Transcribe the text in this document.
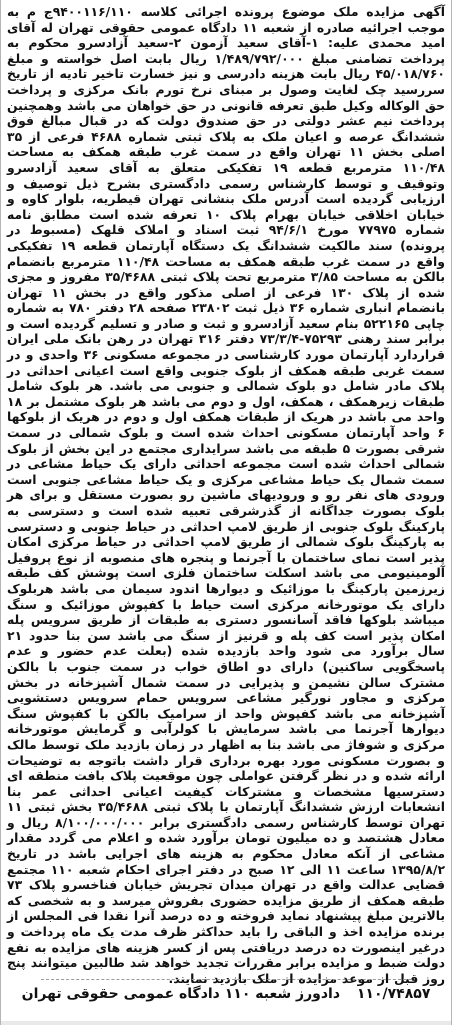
آگهی مزایده ملک موضوع پرونده اجرائی کلاسه ۹۴۰۰۱۱۶/۱۱۰ج م به موجب اجرائیه صادره از شعبه ۱۱ دادگاه عمومی حقوقی تهران له آقای امید محمدی علیه: ۱-آقای سعید آزمون ۲-سعید آزادسرو محکوم به پرداخت تضامنی مبلغ ۱/۴۸۹/۷۹۲/۰۰۰ ریال بابت اصل خواسته و مبلغ ۴۵/۰۱۸/۷۶۰ ریال بابت هزینه دادرسی و نیز خسارت تاخیر تادیه از تاریخ سررسید چک لغایت وصول بر مبنای نرخ تورم بانک مرکزی و پرداخت حق الوکاله وکیل طبق تعرفه قانونی در حق خواهان می باشد وهمچنین پرداخت نیم عشر دولتی در حق صندوق دولت که در قبال مبالغ فوق ششدانگ عرصه و اعیان ملک به پلاک ثبتی شماره ۴۶۸۸ فرعی از ۳۵ اصلی بخش ۱۱ تهران واقع در سمت غرب طبقه همکف به مساحت ۱۱۰/۴۸ مترمربع قطعه ۱۹ تفکیکی متعلق به آقای سعید آزادسرو وتوقیف و توسط کارشناس رسمی دادگستری بشرح ذیل توصیف و ارزیابی گردیده است آدرس ملک بنشانی تهران قیطریه، بلوار کاوه و خیابان اخلاقی خیابان بهرام پلاک ۱۰ تعرفه شده است مطابق نامه شماره ۷۷۹۷۵ مورخ ۹۴/۶/۱ ثبت اسناد و املاک قلهک (مسبوط در پرونده) سند مالکیت ششدانگ یک دستگاه آپارتمان قطعه ۱۹ تفکیکی واقع در سمت غرب طبقه همکف به مساحت ۱۱۰/۴۸ مترمربع بانضمام بالکن به مساحت ۳/۸۵ مترمربع تحت پلاک ثبتی ۳۵/۴۶۸۸ مفروز و مجزی شده از پلاک ۱۳۰ فرعی از اصلی مذکور واقع در بخش ۱۱ تهران بانضمام انباری شماره ۳۶ ذیل ثبت ۲۳۸۰۲ صفحه ۲۸ دفتر ۷۸۰ به شماره چاپی ۵۲۲۱۶۵ بنام سعید آزادسرو و ثبت و صادر و تسلیم گردیده است و برابر سند رهنی ۷۵۲۹۳-۷۳/۳/۴ دفتر ۳۱۶ تهران در رهن بانک ملی ایران قراردارد آپارتمان مورد کارشناسی در مجموعه مسکونی ۳۶ واحدی و در سمت غربی طبقه همکف از بلوک جنوبی واقع است اعیانی احداثی در پلاک مادر شامل دو بلوک شمالی و جنوبی می باشد. هر بلوک شامل طبقات زیرهمکف ، همکف، اول و دوم می باشد هر بلوک مشتمل بر ۱۸ واحد می باشد در هریک از طبقات همکف اول و دوم در هریک از بلوکها ۶ واحد آپارتمان مسکونی احداث شده است و بلوک شمالی در سمت شرقی بصورت ۵ طبقه می باشد سرایداری مجتمع در این بخش از بلوک شمالی احداث شده است مجموعه احداثی دارای یک حیاط مشاعی در سمت شمال یک حیاط مشاعی مرکزی و یک حیاط مشاعی جنوبی است ورودی های نفر رو و ورودیهای ماشین رو بصورت مستقل و برای هر بلوک بصورت جداگانه از گذرشرقی تعبیه شده است و دسترسی به پارکینگ بلوک جنوبی از طریق لامپ احداثی در حیاط جنوبی و دسترسی به پارکینگ بلوک شمالی از طریق لامپ احداثی در حیاط مرکزی امکان پذیر است نمای ساختمان با آجرنما و پنجره های منصوبه از نوع پروفیل آلومینیومی می باشد اسکلت ساختمان فلزی است پوشش کف طبقه زیرزمین پارکینگ با موزائیک و دیوارها اندود سیمان می باشد هربلوک دارای یک موتورخانه مرکزی است حیاط با کفپوش موزائیک و سنگ میباشد بلوکها فاقد آسانسور دستری به طبقات از طریق سرویس پله امکان پذیر است کف پله و قرنیز از سنگ می باشد سن بنا حدود ۲۱ سال برآورد می شود واحد بازدیده شده (بعلت عدم حضور و عدم پاسخگویی ساکنین) دارای دو اطاق خواب در سمت جنوب با بالکن مشترک سالن نشیمن و پذیرایی در سمت شمال آشپزخانه در بخش مرکزی و مجاور نورگیر مشاعی سرویس حمام سرویس دستشویی آشپزخانه می باشد کفپوش واحد از سرامیک بالکن با کفپوش سنگ دیوارها آجرنما می باشد سرمایش با کولرآبی و گرمایش موتورخانه مرکزی و شوفاژ می باشد بنا به اظهار در زمان بازدید ملک توسط مالک و بصورت مسکونی مورد بهره برداری قرار داشت باتوجه به توضیحات ارائه شده و در نظر گرفتن عواملی چون موقعیت پلاک بافت منطقه ای دسترسیها مشخصات و مشترکات کیفیت اعیانی احداثی عمر بنا انشعابات ارزش ششدانگ آپارتمان با پلاک ثبتی ۳۵/۴۶۸۸ بخش ثبتی ۱۱ تهران توسط کارشناس رسمی دادگستری برابر ۸/۱۰۰/۰۰۰/۰۰۰ ریال و معادل هشتصد و ده میلیون تومان برآورد شده و اعلام می گردد مقدار مشاعی از آنکه معادل محکوم به هزینه های اجرایی باشد در تاریخ ۱۳۹۵/۸/۲ ساعت ۱۱ الی ۱۲ صبح در دفتر اجرای احکام شعبه ۱۱۰ مجتمع قضایی عدالت واقع در تهران میدان تجریش خیابان فناخسرو پلاک ۷۳ طبقه همکف از طریق مزایده حضوری بفروش میرسد و به شخصی که بالاترین مبلغ پیشنهاد نماید فروخته و ده درصد آنرا نقدا فی المجلس از برنده مزایده اخذ و الباقی را باید حداکثر ظرف مدت یک ماه پرداخت و درغیر اینصورت ده درصد دریافتی پس از کسر هزینه های مزایده به نفع دولت ضبط و مزایده برابر مقررات تجدید خواهد شد طالبین میتوانند پنج روز قبل از موعد مزایده از ملک بازدید نمایند.
۱۱۰/۷۴۸۵۷ دادورز شعبه ۱۱۰ دادگاه عمومی حقوقی تهران
